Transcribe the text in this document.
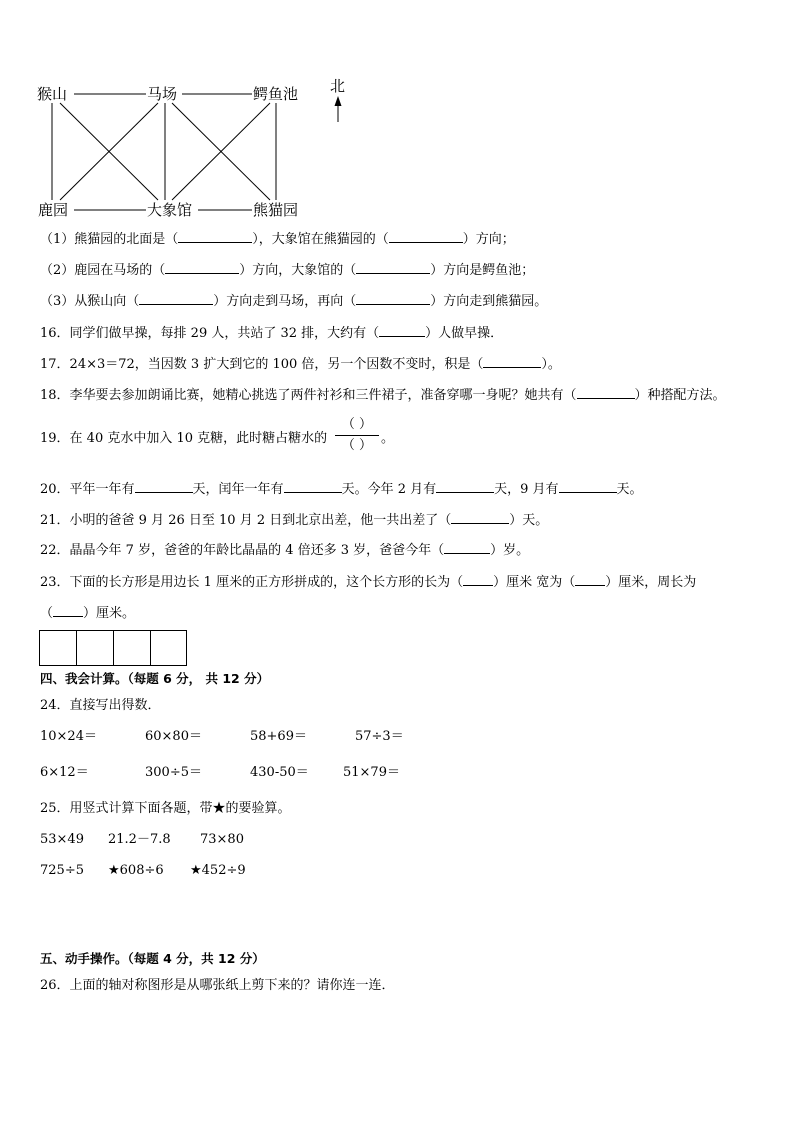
猴山	马场	鳄鱼池
鹿园	大象馆	熊猫园
北
（1）熊猫园的北面是（	），大象馆在熊猫园的（	）方向；
（2）鹿园在马场的（	）方向，大象馆的（	）方向是鳄鱼池；
（3）从猴山向（	）方向走到马场，再向（	）方向走到熊猫园。
16．同学们做早操，每排 29 人，共站了 32 排，大约有（	）人做早操．
17．24×3＝72，当因数 3 扩大到它的 100 倍，另一个因数不变时，积是（	）。
18．李华要去参加朗诵比赛，她精心挑选了两件衬衫和三件裙子，准备穿哪一身呢？她共有（	）种搭配方法。
19．在 40 克水中加入 10 克糖，此时糖占糖水的
（ ）
（ ） 。
20．平年一年有	天，闰年一年有	天。今年 2 月有	天，9 月有	天。
21．小明的爸爸 9 月 26 日至 10 月 2 日到北京出差，他一共出差了（	）天。
22．晶晶今年 7 岁，爸爸的年龄比晶晶的 4 倍还多 3 岁，爸爸今年（	）岁。
23．下面的长方形是用边长 1 厘米的正方形拼成的，这个长方形的长为（ ）厘米 宽为（ ）厘米，周长为
（ ）厘米。
四、我会计算。（每题 6 分， 共 12 分）
24．直接写出得数．
10×24＝	60×80＝	58+69＝	57÷3＝
6×12＝	300÷5＝	430-50＝	51×79＝
25．用竖式计算下面各题，带★的要验算。
53×49 21.2－7.8 73×80
725÷5 ★608÷6 ★452÷9
五、动手操作。（每题 4 分，共 12 分）
26．上面的轴对称图形是从哪张纸上剪下来的？请你连一连．
